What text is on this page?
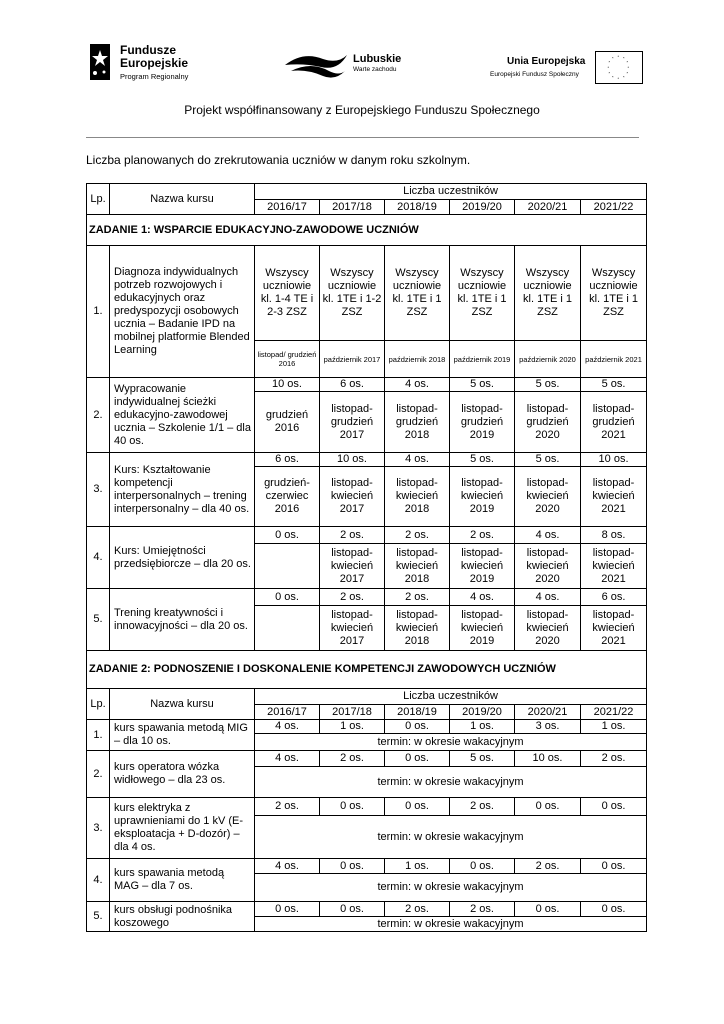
Fundusze
Europejskie
Program Regionalny
Lubuskie
Warte zachodu
Unia Europejska
Europejski Fundusz Społeczny
* *
*
*
*
*
*
*
*
*
*
*
Projekt współfinansowany z Europejskiego Funduszu Społecznego
Liczba planowanych do zrekrutowania uczniów w danym roku szkolnym.
Lp.	Nazwa kursu	Liczba uczestników					
		2016/17	2017/18	2018/19	2019/20	2020/21	2021/22
ZADANIE 1: WSPARCIE EDUKACYJNO-ZAWODOWE UCZNIÓW							
1.	Diagnoza indywidualnych potrzeb rozwojowych i edukacyjnych oraz predyspozycji osobowych ucznia – Badanie IPD na mobilnej platformie Blended Learning	Wszyscy uczniowie kl. 1-4 TE i 2-3 ZSZ	Wszyscy uczniowie kl. 1TE i 1-2 ZSZ	Wszyscy uczniowie kl. 1TE i 1 ZSZ	Wszyscy uczniowie kl. 1TE i 1 ZSZ	Wszyscy uczniowie kl. 1TE i 1 ZSZ	Wszyscy uczniowie kl. 1TE i 1 ZSZ
		listopad/ grudzień 2016	październik 2017	październik 2018	październik 2019	październik 2020	październik 2021
2.	Wypracowanie indywidualnej ścieżki edukacyjno-zawodowej ucznia – Szkolenie 1/1 – dla 40 os.	10 os.	6 os.	4 os.	5 os.	5 os.	5 os.
		grudzień 2016	listopad-grudzień 2017	listopad-grudzień 2018	listopad-grudzień 2019	listopad-grudzień 2020	listopad-grudzień 2021
3.	Kurs: Kształtowanie kompetencji interpersonalnych – trening interpersonalny – dla 40 os.	6 os.	10 os.	4 os.	5 os.	5 os.	10 os.
		grudzień-czerwiec 2016	listopad-kwiecień 2017	listopad-kwiecień 2018	listopad-kwiecień 2019	listopad-kwiecień 2020	listopad-kwiecień 2021
4.	Kurs: Umiejętności przedsiębiorcze – dla 20 os.	0 os.	2 os.	2 os.	2 os.	4 os.	8 os.
			listopad-kwiecień 2017	listopad-kwiecień 2018	listopad-kwiecień 2019	listopad-kwiecień 2020	listopad-kwiecień 2021
5.	Trening kreatywności i innowacyjności – dla 20 os.	0 os.	2 os.	2 os.	4 os.	4 os.	6 os.
			listopad-kwiecień 2017	listopad-kwiecień 2018	listopad-kwiecień 2019	listopad-kwiecień 2020	listopad-kwiecień 2021
ZADANIE 2: PODNOSZENIE I DOSKONALENIE KOMPETENCJI ZAWODOWYCH UCZNIÓW							
Lp.	Nazwa kursu	Liczba uczestników					
		2016/17	2017/18	2018/19	2019/20	2020/21	2021/22
1.	kurs spawania metodą MIG – dla 10 os.	4 os.	1 os.	0 os.	1 os.	3 os.	1 os.
		termin: w okresie wakacyjnym					
2.	kurs operatora wózka widłowego – dla 23 os.	4 os.	2 os.	0 os.	5 os.	10 os.	2 os.
		termin: w okresie wakacyjnym					
3.	kurs elektryka z uprawnieniami do 1 kV (E-eksploatacja + D-dozór) – dla 4 os.	2 os.	0 os.	0 os.	2 os.	0 os.	0 os.
		termin: w okresie wakacyjnym					
4.	kurs spawania metodą MAG – dla 7 os.	4 os.	0 os.	1 os.	0 os.	2 os.	0 os.
		termin: w okresie wakacyjnym					
5.	kurs obsługi podnośnika koszowego	0 os.	0 os.	2 os.	2 os.	0 os.	0 os.
		termin: w okresie wakacyjnym					
